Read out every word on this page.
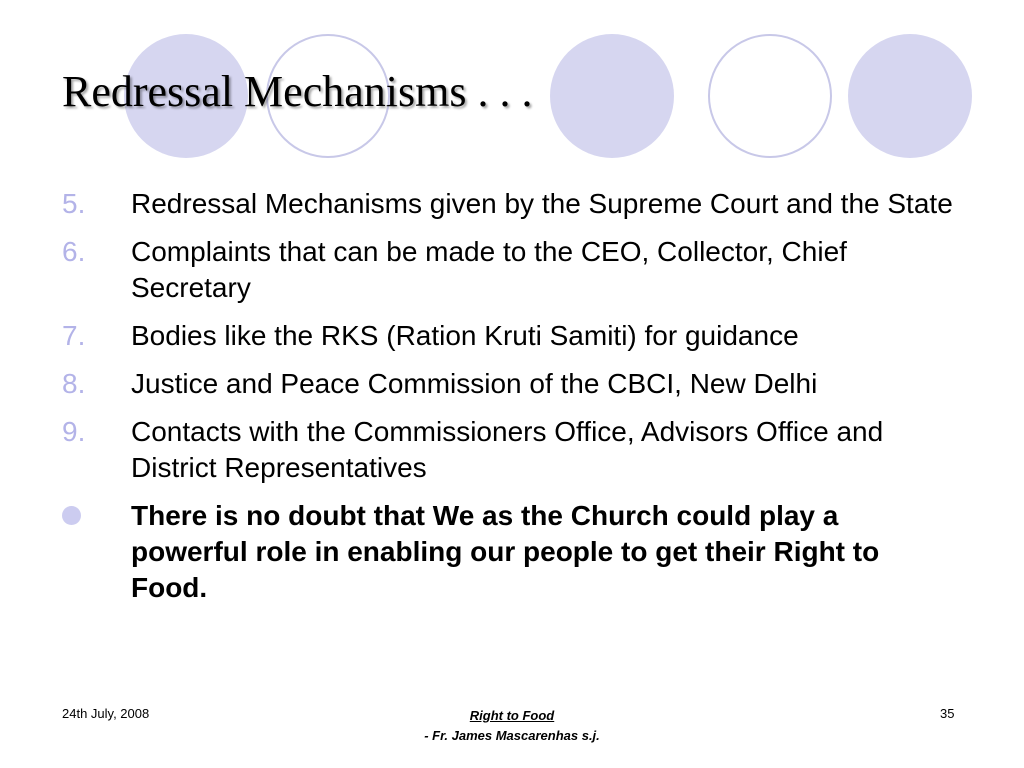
Redressal Mechanisms . . .
5. Redressal Mechanisms given by the Supreme Court and the State
6. Complaints that can be made to the CEO, Collector, Chief Secretary
7. Bodies like the RKS (Ration Kruti Samiti) for guidance
8. Justice and Peace Commission of the CBCI, New Delhi
9. Contacts with the Commissioners Office, Advisors Office and District Representatives
There is no doubt that We as the Church could play a powerful role in enabling our people to get their Right to Food.
24th July, 2008	Right to Food
- Fr. James Mascarenhas s.j.
35
